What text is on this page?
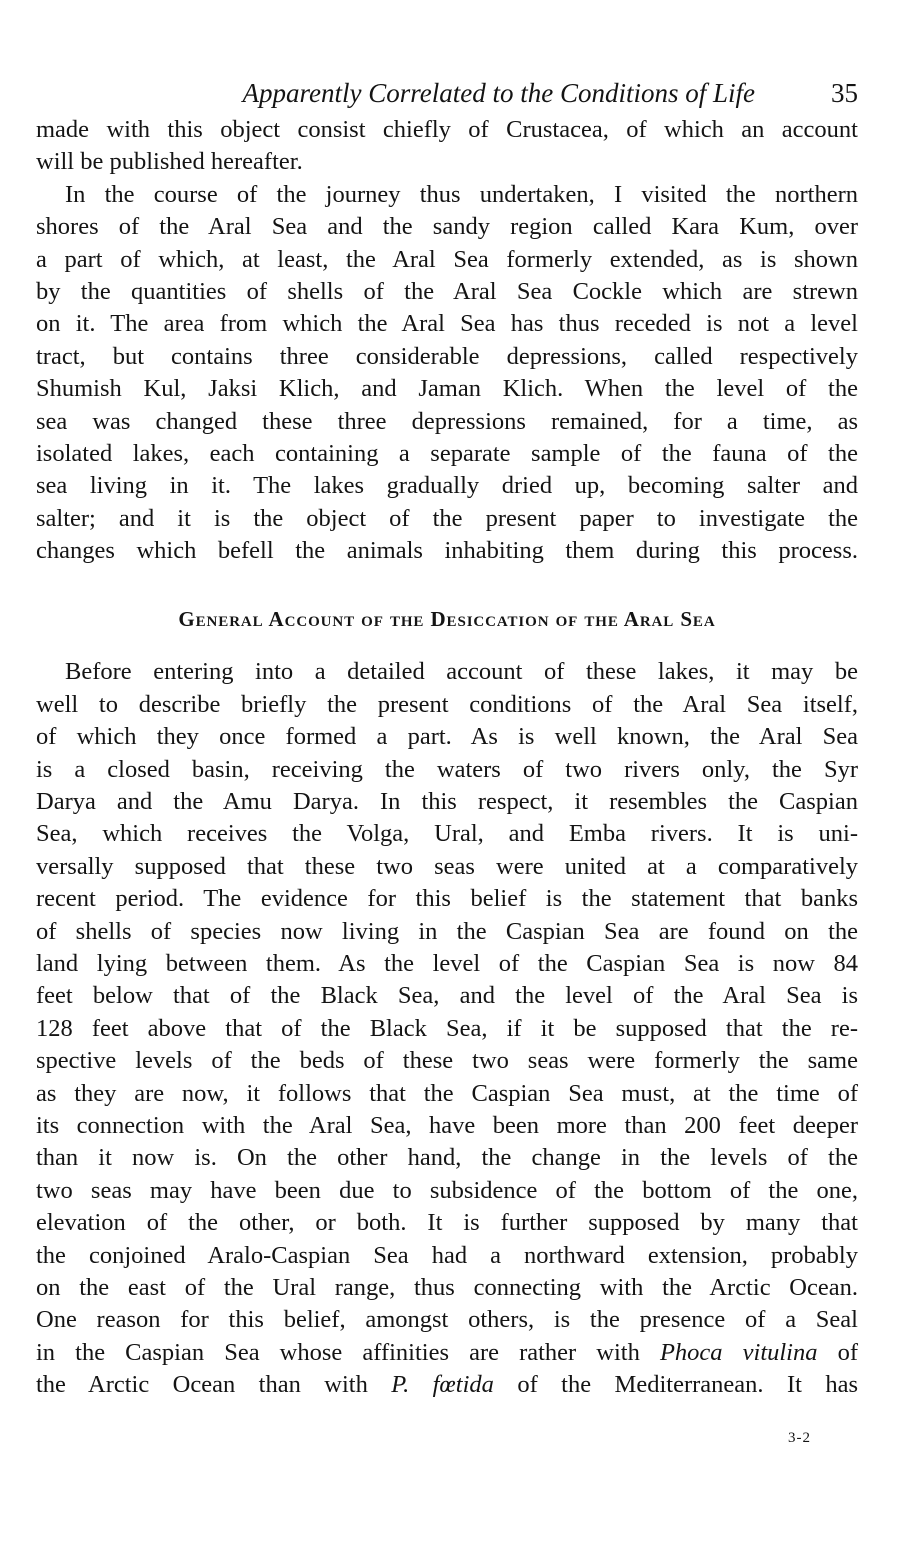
Apparently Correlated to the Conditions of Life	35
made with this object consist chiefly of Crustacea, of which an account
will be published hereafter.
In the course of the journey thus undertaken, I visited the northern
shores of the Aral Sea and the sandy region called Kara Kum, over
a part of which, at least, the Aral Sea formerly extended, as is shown
by the quantities of shells of the Aral Sea Cockle which are strewn
on it. The area from which the Aral Sea has thus receded is not a level
tract, but contains three considerable depressions, called respectively
Shumish Kul, Jaksi Klich, and Jaman Klich. When the level of the
sea was changed these three depressions remained, for a time, as
isolated lakes, each containing a separate sample of the fauna of the
sea living in it. The lakes gradually dried up, becoming salter and
salter; and it is the object of the present paper to investigate the
changes which befell the animals inhabiting them during this process.
General Account of the Desiccation of the Aral Sea
Before entering into a detailed account of these lakes, it may be
well to describe briefly the present conditions of the Aral Sea itself,
of which they once formed a part. As is well known, the Aral Sea
is a closed basin, receiving the waters of two rivers only, the Syr
Darya and the Amu Darya. In this respect, it resembles the Caspian
Sea, which receives the Volga, Ural, and Emba rivers. It is uni-
versally supposed that these two seas were united at a comparatively
recent period. The evidence for this belief is the statement that banks
of shells of species now living in the Caspian Sea are found on the
land lying between them. As the level of the Caspian Sea is now 84
feet below that of the Black Sea, and the level of the Aral Sea is
128 feet above that of the Black Sea, if it be supposed that the re-
spective levels of the beds of these two seas were formerly the same
as they are now, it follows that the Caspian Sea must, at the time of
its connection with the Aral Sea, have been more than 200 feet deeper
than it now is. On the other hand, the change in the levels of the
two seas may have been due to subsidence of the bottom of the one,
elevation of the other, or both. It is further supposed by many that
the conjoined Aralo-Caspian Sea had a northward extension, probably
on the east of the Ural range, thus connecting with the Arctic Ocean.
One reason for this belief, amongst others, is the presence of a Seal
in the Caspian Sea whose affinities are rather with Phoca vitulina of
the Arctic Ocean than with P. fœtida of the Mediterranean. It has
3-2
